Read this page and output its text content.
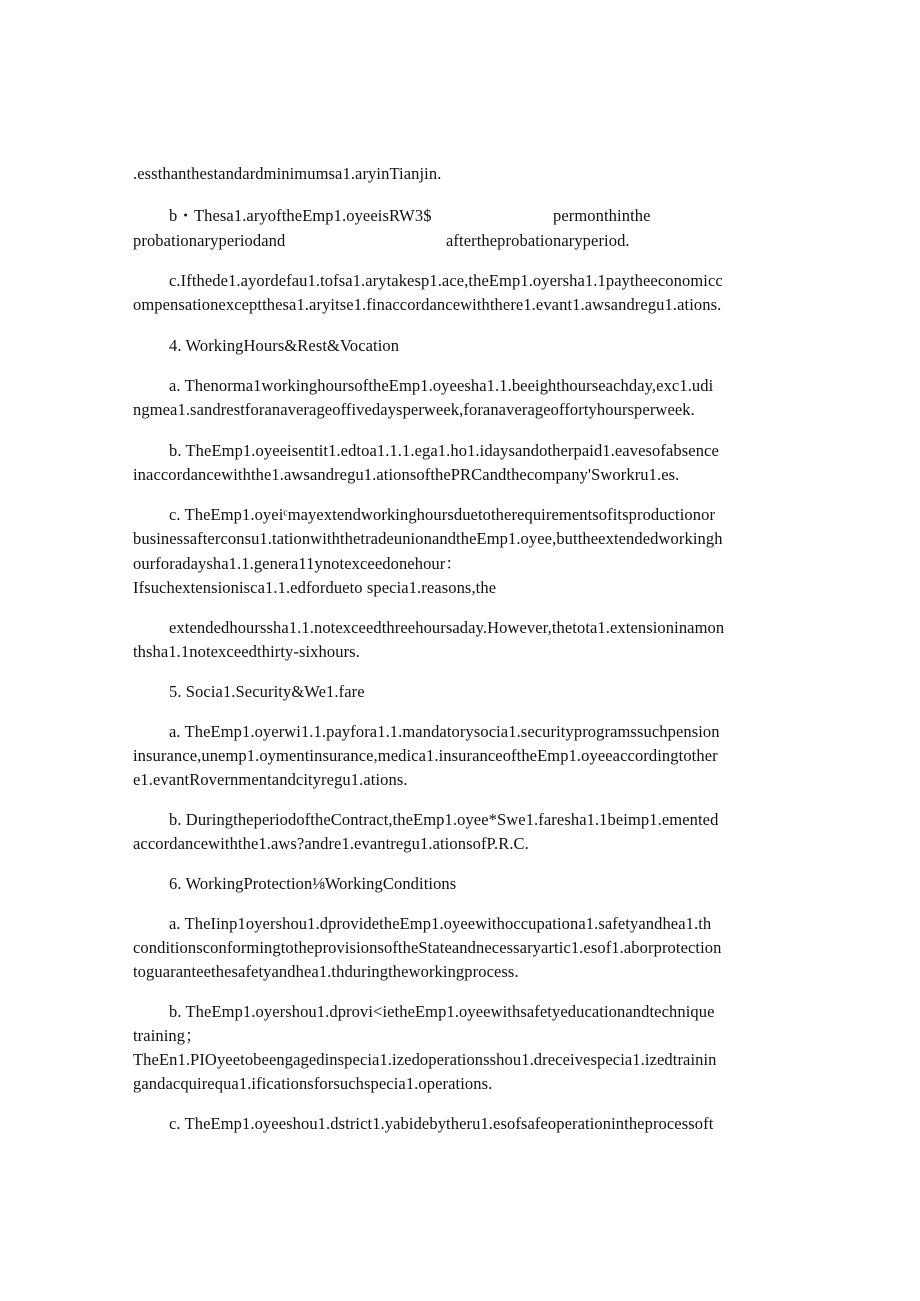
.essthanthestandardminimumsa1.aryinTianjin.
b・Thesa1.aryoftheEmp1.oyeeisRW3$	permonthinthe
probationaryperiodand	aftertheprobationaryperiod.
c.Ifthede1.ayordefau1.tofsa1.arytakesp1.ace,theEmp1.oyersha1.1paytheeconomicc
ompensationexceptthesa1.aryitse1.finaccordancewiththere1.evant1.awsandregu1.ations.
4. WorkingHours&Rest&Vocation
a. Thenorma1workinghoursoftheEmp1.oyeesha1.1.beeighthourseachday,exc1.udi
ngmea1.sandrestforanaverageoffivedaysperweek,foranaverageoffortyhoursperweek.
b. TheEmp1.oyeeisentit1.edtoa1.1.1.ega1.ho1.idaysandotherpaid1.eavesofabsence
inaccordancewiththe1.awsandregu1.ationsofthePRCandthecompany'Sworkru1.es.
c. TheEmp1.oyeiᶜmayextendworkinghoursduetotherequirementsofitsproductionor
businessafterconsu1.tationwiththetradeunionandtheEmp1.oyee,buttheextendedworkingh
ourforadaysha1.1.genera11ynotexceedonehour：
Ifsuchextensionisca1.1.edfordueto speciа1.reasons,the
extendedhourssha1.1.notexceedthreehoursaday.However,thetota1.extensioninamon
thsha1.1notexceedthirty-sixhours.
5. Socia1.Security&We1.fare
a. TheEmp1.oyerwi1.1.payfora1.1.mandatorysocia1.securityprogramssuchpension
insurance,unemp1.oymentinsurance,medica1.insuranceoftheEmp1.oyeeaccordingtother
e1.evantRovernmentandcityregu1.ations.
b. DuringtheperiodoftheContract,theEmp1.oyee*Swe1.faresha1.1beimp1.emented
accordancewiththe1.aws?andre1.evantregu1.ationsofP.R.C.
6. WorkingProtection⅛WorkingConditions
a. TheIinp1oyershou1.dprovidetheEmp1.oyeewithoccupationa1.safetyandhea1.th
conditionsconformingtotheprovisionsoftheStateandnecessaryartic1.esof1.aborprotection
toguaranteethesafetyandhea1.thduringtheworkingprocess.
b. TheEmp1.oyershou1.dprovi<ietheEmp1.oyeewithsafetyeducationandtechnique
training；
TheEn1.PIOyeetobeengagedinspecia1.izedoperationsshou1.dreceivespecia1.izedtrainin
gandacquirequa1.ificationsforsuchspecia1.operations.
c. TheEmp1.oyeeshou1.dstrict1.yabidebytheru1.esofsafeoperationintheprocessoft
